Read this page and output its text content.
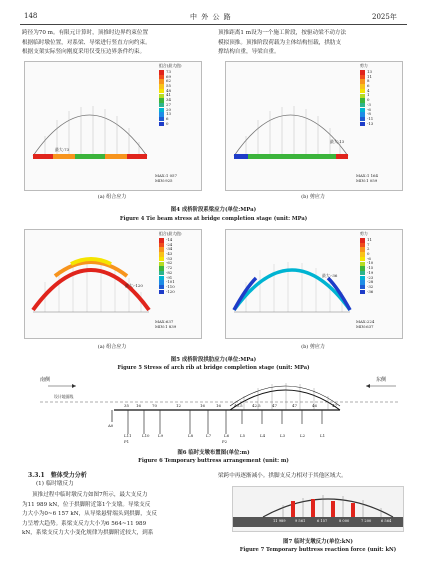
148	中 外 公 路	2025年

跨径为70 m。有限元计算时，顶推时边界约束位置

根据临时墩位置，对系梁、导梁进行竖直方向约束。

根据支架实际竖向刚度采用仅受压边界条件约束。

顶推距离1 m设为一个施工阶段，按驱动梁不动方法

模拟顶推。顶推阶段荷载为主体结构恒载，拱肋支

撑结构自重，导梁自重。

最大:73
组合(最大值)
73
69
62
55
48
41
34
27
20
13
6
0
MAX:1 057
MIN:925
(a) 组合应力
最大:13
剪力
13
11
8
6
4
1
0
-3
-6
-8
-11
-13
MAX:1 164
MIN:1 059
(b) 剪应力
图4 成桥阶段系梁应力(单位:MPa)
Figure 4 Tie beam stress at bridge completion stage (unit: MPa)
最大:-120
组合(最大值)
-14
-24
-34
-43
-53
-62
-72
-82
-91
-101
-110
-120
MAX:637
MIN:1 839
(a) 组合应力
最大:-36
剪力
11
7
2
0
-6
-10
-15
-19
-23
-28
-32
-36
MAX:224
MIN:637
(b) 剪应力
图5 成桥阶段拱肋应力(单位:MPa)
Figure 5 Stress of arch rib at bridge completion stage (unit: MPa)
南侧	东侧
设计地面线
A0
35 16	70	12	16	16	40.5 42.5	47	47	46	47
L11	L10 L9	L8	L7	L6	L5	L4	L3	L2	L1
P1	P2
图6 临时支墩布置图(单位:m)
Figure 6 Temporary buttress arrangement (unit: m)
3.3.1 整体受力分析
(1) 临时墩反力

顶推过程中临时墩反力如图7所示，最大支反力

为11 989 kN，位于拱脚附近第1个支墩。导梁支反

力大小为0~6 157 kN，从导梁悬臂端头到拱脚，支反

力呈增大趋势。系梁支反力大小为6 564~11 989

kN，系梁支反力大小变化规律为拱脚附近较大，到系

梁跨中再逐渐减小。拱脚支反力相对于其他区域大。

11 989	9 561	6 157	8 000	7 200	6 564
图7 临时支墩反力(单位:kN)
Figure 7 Temporary buttress reaction force (unit: kN)
